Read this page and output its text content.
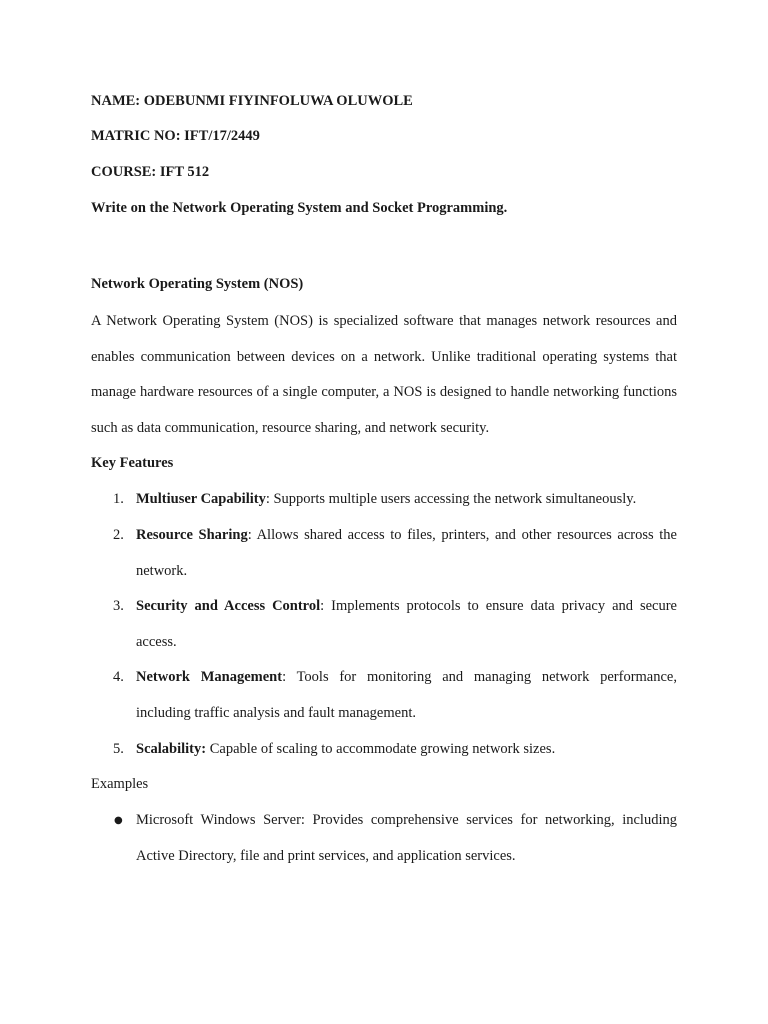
NAME: ODEBUNMI FIYINFOLUWA OLUWOLE
MATRIC NO: IFT/17/2449
COURSE: IFT 512
Write on the Network Operating System and Socket Programming.
Network Operating System (NOS)
A Network Operating System (NOS) is specialized software that manages network resources and enables communication between devices on a network. Unlike traditional operating systems that manage hardware resources of a single computer, a NOS is designed to handle networking functions such as data communication, resource sharing, and network security.
Key Features
1. Multiuser Capability: Supports multiple users accessing the network simultaneously.
2. Resource Sharing: Allows shared access to files, printers, and other resources across the network.
3. Security and Access Control: Implements protocols to ensure data privacy and secure access.
4. Network Management: Tools for monitoring and managing network performance, including traffic analysis and fault management.
5. Scalability: Capable of scaling to accommodate growing network sizes.
Examples
● Microsoft Windows Server: Provides comprehensive services for networking, including Active Directory, file and print services, and application services.
